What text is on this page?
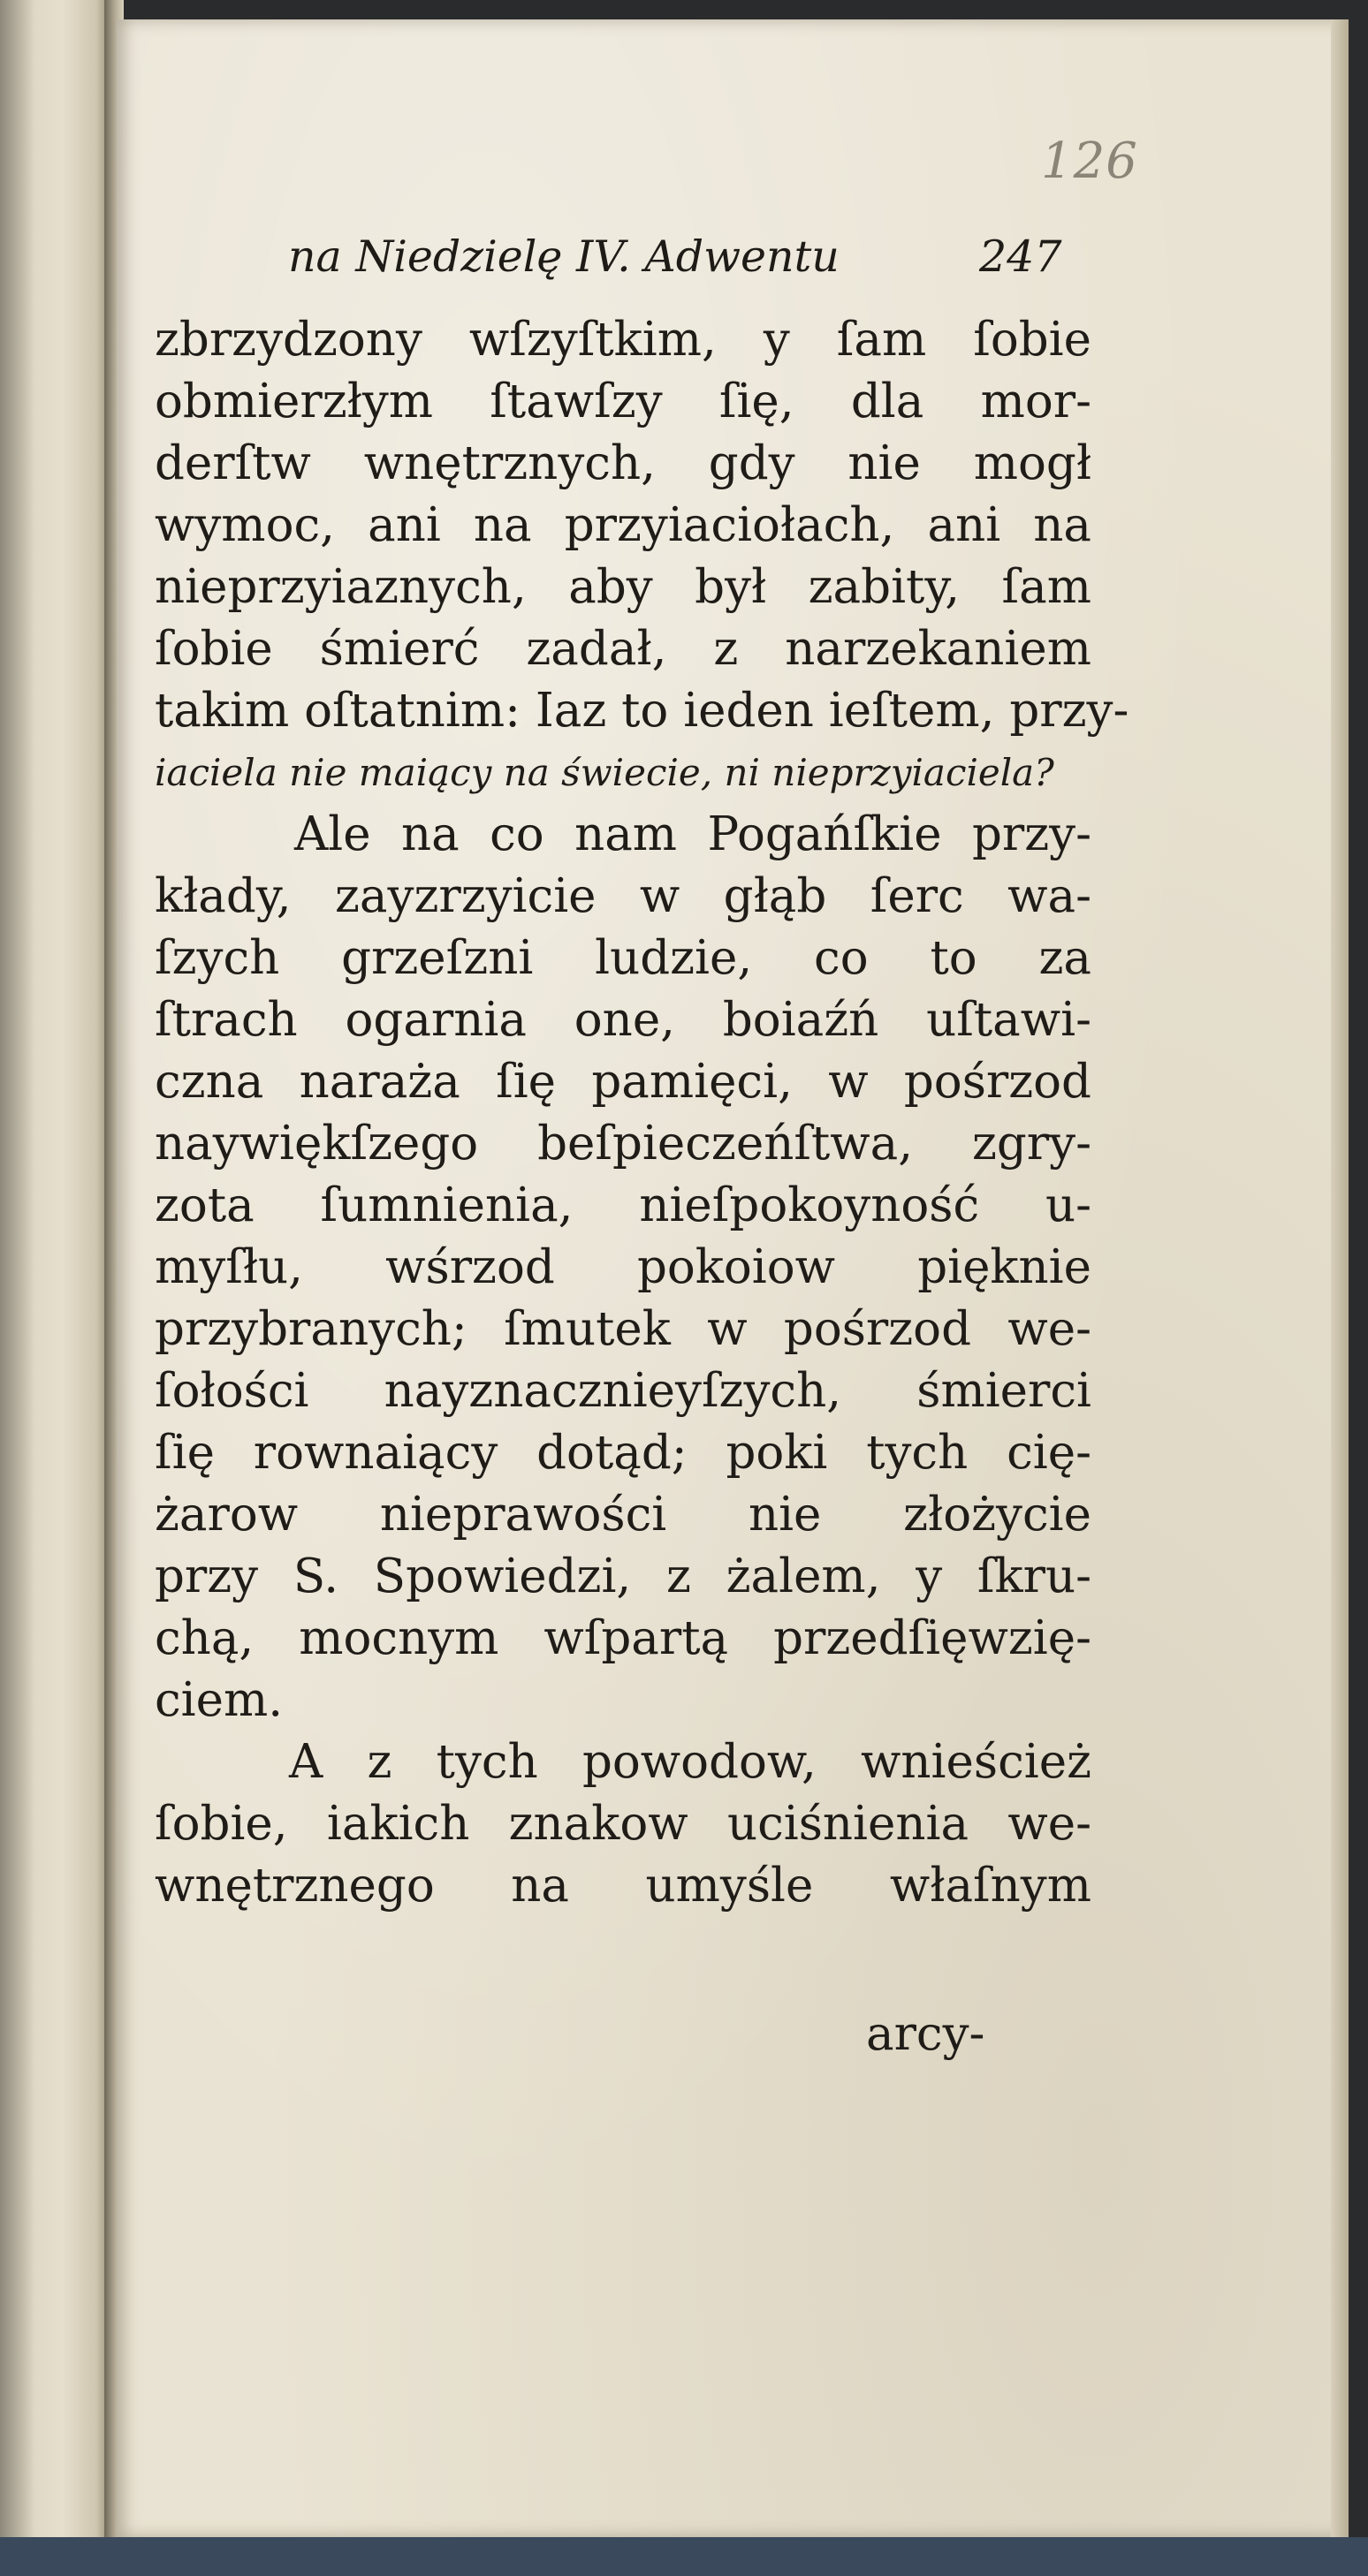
126
na Niedzielę IV. Adwentu	247
zbrzydzony wſzyſtkim, y ſam ſobie
obmierzłym ſtawſzy ſię, dla mor-
derſtw wnętrznych, gdy nie mogł
wymoc, ani na przyiaciołach, ani na
nieprzyiaznych, aby był zabity, ſam
ſobie śmierć zadał, z narzekaniem
takim oſtatnim: Iaz to ieden ieſtem, przy-
iaciela nie maiący na świecie, ni nieprzyiaciela?
Ale na co nam Pogańſkie przy-
kłady, zayzrzyicie w głąb ſerc wa-
ſzych grzeſzni ludzie, co to za
ſtrach ogarnia one, boiaźń uſtawi-
czna naraża ſię pamięci, w pośrzod
naywiękſzego beſpieczeńſtwa, zgry-
zota ſumnienia, nieſpokoyność u-
myſłu, wśrzod pokoiow pięknie
przybranych; ſmutek w pośrzod we-
ſołości nayznacznieyſzych, śmierci
ſię rownaiący dotąd; poki tych cię-
żarow nieprawości nie złożycie
przy S. Spowiedzi, z żalem, y ſkru-
chą, mocnym wſpartą przedſięwzię-
ciem.
A z tych powodow, wnieścież
ſobie, iakich znakow uciśnienia we-
wnętrznego na umyśle właſnym
arcy-
